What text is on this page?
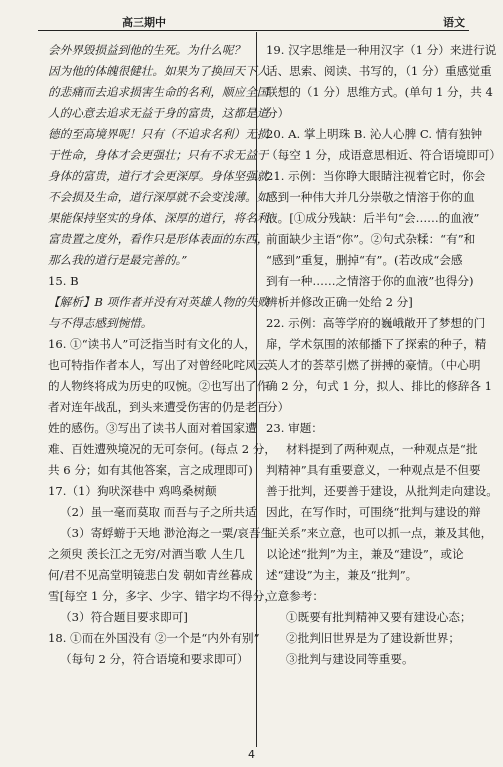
高三期中	语文
会外界毁损益到他的生死。为什么呢？
因为他的体魄很健壮。如果为了换回天下人
的悲痛而去追求损害生命的名利，顺应全国
人的心意去追求无益于身的富贵，这都是道
德的至高境界呢！只有（不追求名利）无损
于性命，身体才会更强壮；只有不求无益于
身体的富贵，道行才会更深厚。身体坚强就
不会损及生命，道行深厚就不会变浅薄。如
果能保持坚实的身体、深厚的道行，将名利、
富贵置之度外，看作只是形体表面的东西，
那么我的道行是最完善的。”
15. B
【解析】B 项作者并没有对英雄人物的失败
与不得志感到惋惜。
16. ①“读书人”可泛指当时有文化的人，
也可特指作者本人，写出了对曾经叱咤风云
的人物终将成为历史的叹惋。②也写出了作
者对连年战乱，到头来遭受伤害的仍是老百
姓的感伤。③写出了读书人面对着国家遭
难、百姓遭殃境况的无可奈何。(每点 2 分，
共 6 分；如有其他答案，言之成理即可)
17.（1）狗吠深巷中 鸡鸣桑树颠
（2）虽一毫而莫取 而吾与子之所共适
（3）寄蜉蝣于天地 渺沧海之一粟/哀吾生
之须臾 羡长江之无穷/对酒当歌 人生几
何/君不见高堂明镜悲白发 朝如青丝暮成
雪[每空 1 分，多字、少字、错字均不得分，
（3）符合题目要求即可]
18. ①而在外国没有 ②一个是“内外有别”
（每句 2 分，符合语境和要求即可）
19. 汉字思维是一种用汉字（1 分）来进行说
话、思索、阅读、书写的，（1 分）重感觉重
联想的（1 分）思维方式。(单句 1 分，共 4
分）
20. A. 掌上明珠 B. 沁人心脾 C. 情有独钟
（每空 1 分，成语意思相近、符合语境即可）
21. 示例：当你睁大眼睛注视着它时，你会
感到一种伟大并几分崇敬之情溶于你的血
液。[①成分残缺：后半句“会……的血液”
前面缺少主语“你”。②句式杂糅：“有”和
“感到”重复，删掉“有”。(若改成“会感
到有一种……之情溶于你的血液”也得分)
辨析并修改正确一处给 2 分]
22. 示例：高等学府的巍峨敞开了梦想的门
扉，学术氛围的浓郁播下了探索的种子，精
英人才的荟萃引燃了拼搏的豪情。（中心明
确 2 分，句式 1 分，拟人、排比的修辞各 1
分）
23. 审题：
材料提到了两种观点，一种观点是“批
判精神”具有重要意义，一种观点是不但要
善于批判，还要善于建设，从批判走向建设。
因此，在写作时，可围绕“批判与建设的辩
证关系”来立意，也可以抓一点，兼及其他，
以论述“批判”为主，兼及“建设”，或论
述“建设”为主，兼及“批判”。
立意参考：
①既要有批判精神又要有建设心态；
②批判旧世界是为了建设新世界；
③批判与建设同等重要。
4
